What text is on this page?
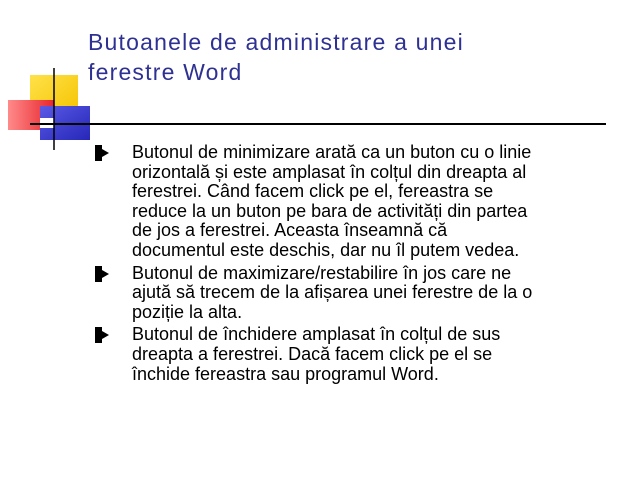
Butoanele de administrare a unei
ferestre Word
Butonul de minimizare arată ca un buton cu o linie
orizontală și este amplasat în colțul din dreapta al
ferestrei. Când facem click pe el, fereastra se
reduce la un buton pe bara de activități din partea
de jos a ferestrei. Aceasta înseamnă că
documentul este deschis, dar nu îl putem vedea.
Butonul de maximizare/restabilire în jos care ne
ajută să trecem de la afișarea unei ferestre de la o
poziție la alta.
Butonul de închidere amplasat în colțul de sus
dreapta a ferestrei. Dacă facem click pe el se
închide fereastra sau programul Word.
